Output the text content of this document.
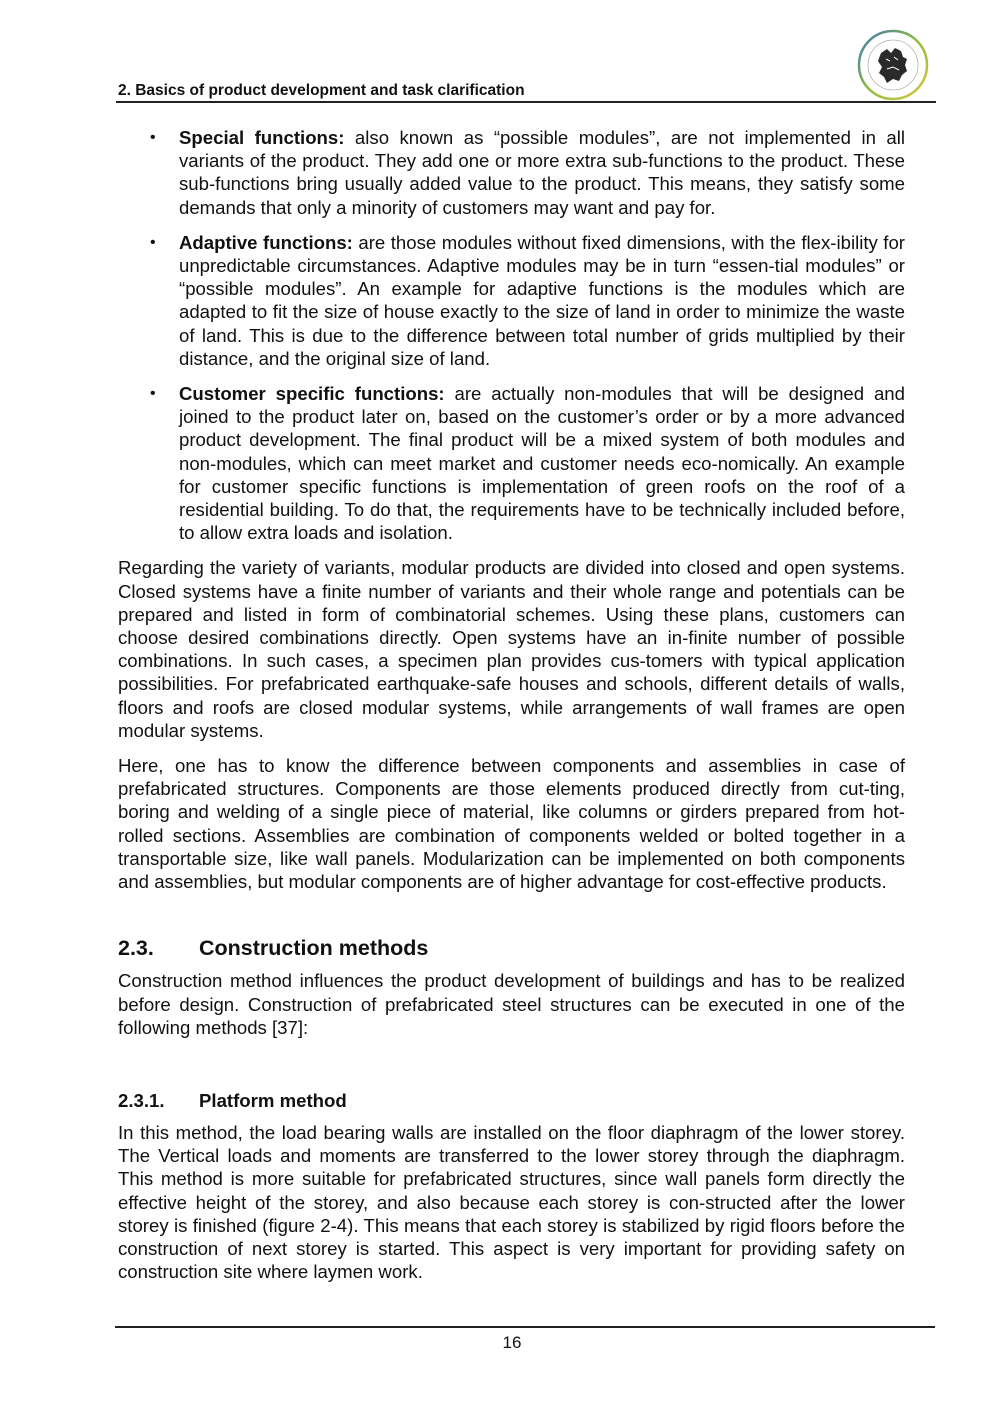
2. Basics of product development and task clarification
• Special functions: also known as “possible modules”, are not implemented in all variants of the product. They add one or more extra sub-functions to the product. These sub-functions bring usually added value to the product. This means, they satisfy some demands that only a minority of customers may want and pay for.
• Adaptive functions: are those modules without fixed dimensions, with the flex-ibility for unpredictable circumstances. Adaptive modules may be in turn “essen-tial modules” or “possible modules”. An example for adaptive functions is the modules which are adapted to fit the size of house exactly to the size of land in order to minimize the waste of land. This is due to the difference between total number of grids multiplied by their distance, and the original size of land.
• Customer specific functions: are actually non-modules that will be designed and joined to the product later on, based on the customer’s order or by a more advanced product development. The final product will be a mixed system of both modules and non-modules, which can meet market and customer needs eco-nomically. An example for customer specific functions is implementation of green roofs on the roof of a residential building. To do that, the requirements have to be technically included before, to allow extra loads and isolation.

Regarding the variety of variants, modular products are divided into closed and open systems. Closed systems have a finite number of variants and their whole range and potentials can be prepared and listed in form of combinatorial schemes. Using these plans, customers can choose desired combinations directly. Open systems have an in-finite number of possible combinations. In such cases, a specimen plan provides cus-tomers with typical application possibilities. For prefabricated earthquake-safe houses and schools, different details of walls, floors and roofs are closed modular systems, while arrangements of wall frames are open modular systems.

Here, one has to know the difference between components and assemblies in case of prefabricated structures. Components are those elements produced directly from cut-ting, boring and welding of a single piece of material, like columns or girders prepared from hot-rolled sections. Assemblies are combination of components welded or bolted together in a transportable size, like wall panels. Modularization can be implemented on both components and assemblies, but modular components are of higher advantage for cost-effective products.

2.3. Construction methods

Construction method influences the product development of buildings and has to be realized before design. Construction of prefabricated steel structures can be executed in one of the following methods [37]:

2.3.1. Platform method

In this method, the load bearing walls are installed on the floor diaphragm of the lower storey. The Vertical loads and moments are transferred to the lower storey through the diaphragm. This method is more suitable for prefabricated structures, since wall panels form directly the effective height of the storey, and also because each storey is con-structed after the lower storey is finished (figure 2-4). This means that each storey is stabilized by rigid floors before the construction of next storey is started. This aspect is very important for providing safety on construction site where laymen work.

16
